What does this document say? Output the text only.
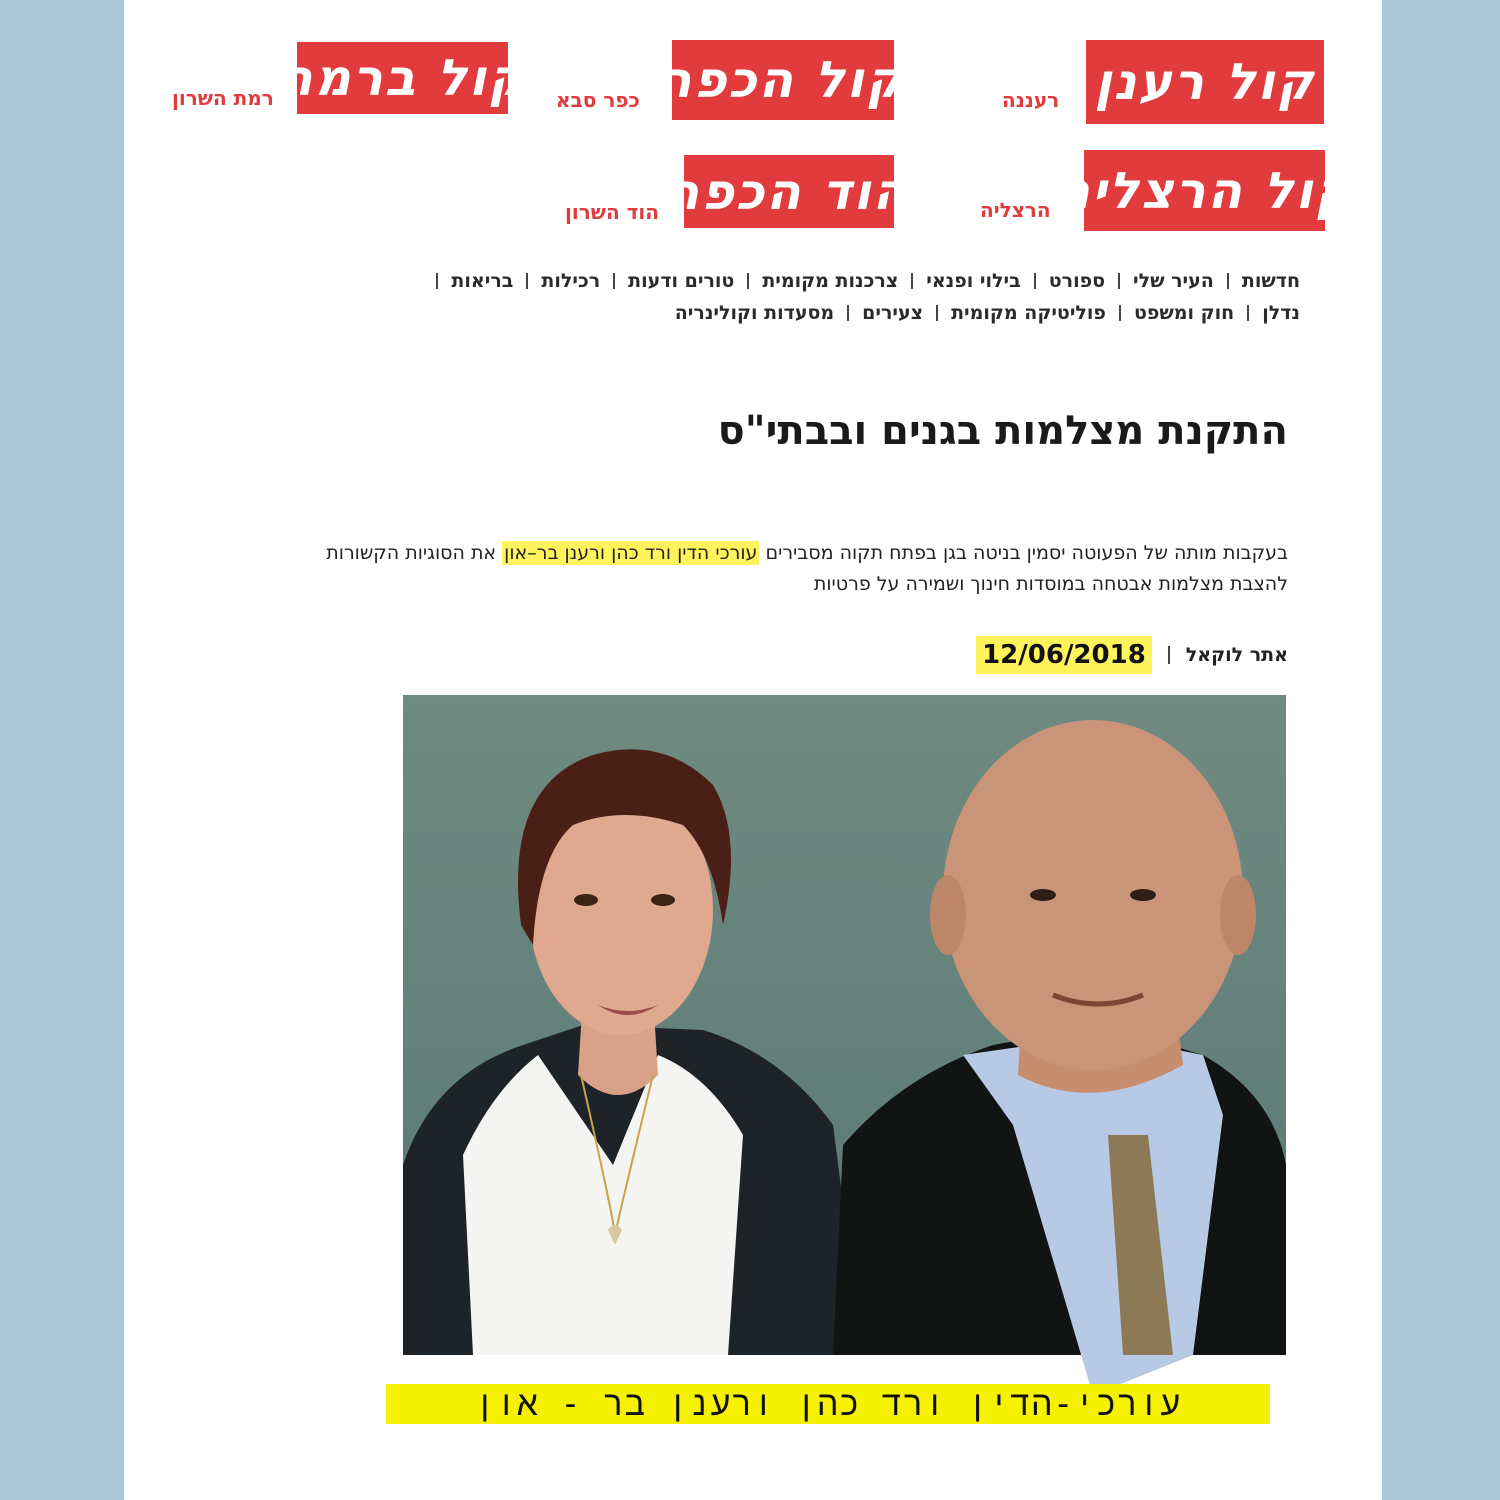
קול רענן
רעננה
קול הכפר
כפר סבא
קול ברמה
רמת השרון
קול הרצליה
הרצליה
הוד הכפר
הוד השרון
חדשות
העיר שלי
ספורט
בילוי ופנאי
צרכנות מקומית
טורים ודעות
רכילות
בריאות
נדלן
חוק ומשפט
פוליטיקה מקומית
צעירים
מסעדות וקולינריה
התקנת מצלמות בגנים ובבתי"ס
בעקבות מותה של הפעוטה יסמין בניטה בגן בפתח תקוה מסבירים עורכי הדין ורד כהן ורענן בר–און את הסוגיות הקשורות להצבת מצלמות אבטחה במוסדות חינוך ושמירה על פרטיות
אתר לוקאל
12/06/2018
עורכי-הדין ורד כהן ורענן בר - און
